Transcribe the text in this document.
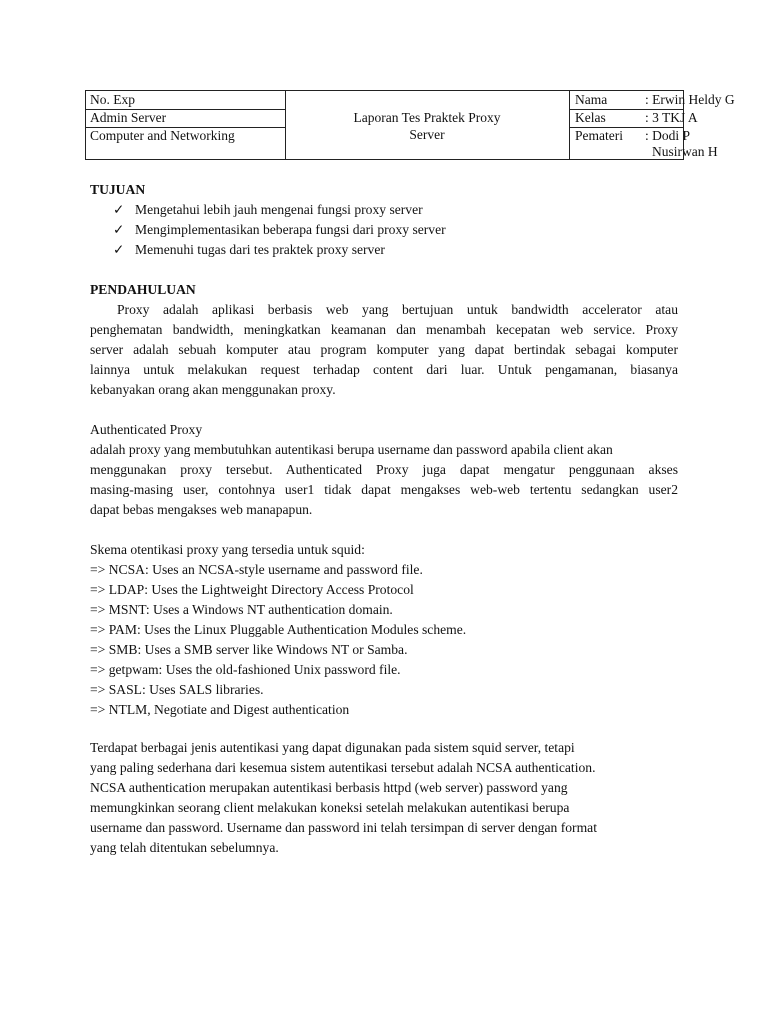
No. Exp
Admin Server
Computer and Networking
Laporan Tes Praktek Proxy
Server
Nama	: Erwin Heldy G
Kelas	: 3 TKJ A
Pemateri : Dodi P
Nusirwan H
TUJUAN
✓ Mengetahui lebih jauh mengenai fungsi proxy server
✓ Mengimplementasikan beberapa fungsi dari proxy server
✓ Memenuhi tugas dari tes praktek proxy server
PENDAHULUAN
Proxy adalah aplikasi berbasis web yang bertujuan untuk bandwidth accelerator atau
penghematan bandwidth, meningkatkan keamanan dan menambah kecepatan web service. Proxy
server adalah sebuah komputer atau program komputer yang dapat bertindak sebagai komputer
lainnya untuk melakukan request terhadap content dari luar. Untuk pengamanan, biasanya
kebanyakan orang akan menggunakan proxy.
Authenticated Proxy
adalah proxy yang membutuhkan autentikasi berupa username dan password apabila client akan
menggunakan proxy tersebut. Authenticated Proxy juga dapat mengatur penggunaan akses
masing-masing user, contohnya user1 tidak dapat mengakses web-web tertentu sedangkan user2
dapat bebas mengakses web manapapun.
Skema otentikasi proxy yang tersedia untuk squid:
=> NCSA: Uses an NCSA-style username and password file.
=> LDAP: Uses the Lightweight Directory Access Protocol
=> MSNT: Uses a Windows NT authentication domain.
=> PAM: Uses the Linux Pluggable Authentication Modules scheme.
=> SMB: Uses a SMB server like Windows NT or Samba.
=> getpwam: Uses the old-fashioned Unix password file.
=> SASL: Uses SALS libraries.
=> NTLM, Negotiate and Digest authentication
Terdapat berbagai jenis autentikasi yang dapat digunakan pada sistem squid server, tetapi
yang paling sederhana dari kesemua sistem autentikasi tersebut adalah NCSA authentication.
NCSA authentication merupakan autentikasi berbasis httpd (web server) password yang
memungkinkan seorang client melakukan koneksi setelah melakukan autentikasi berupa
username dan password. Username dan password ini telah tersimpan di server dengan format
yang telah ditentukan sebelumnya.
